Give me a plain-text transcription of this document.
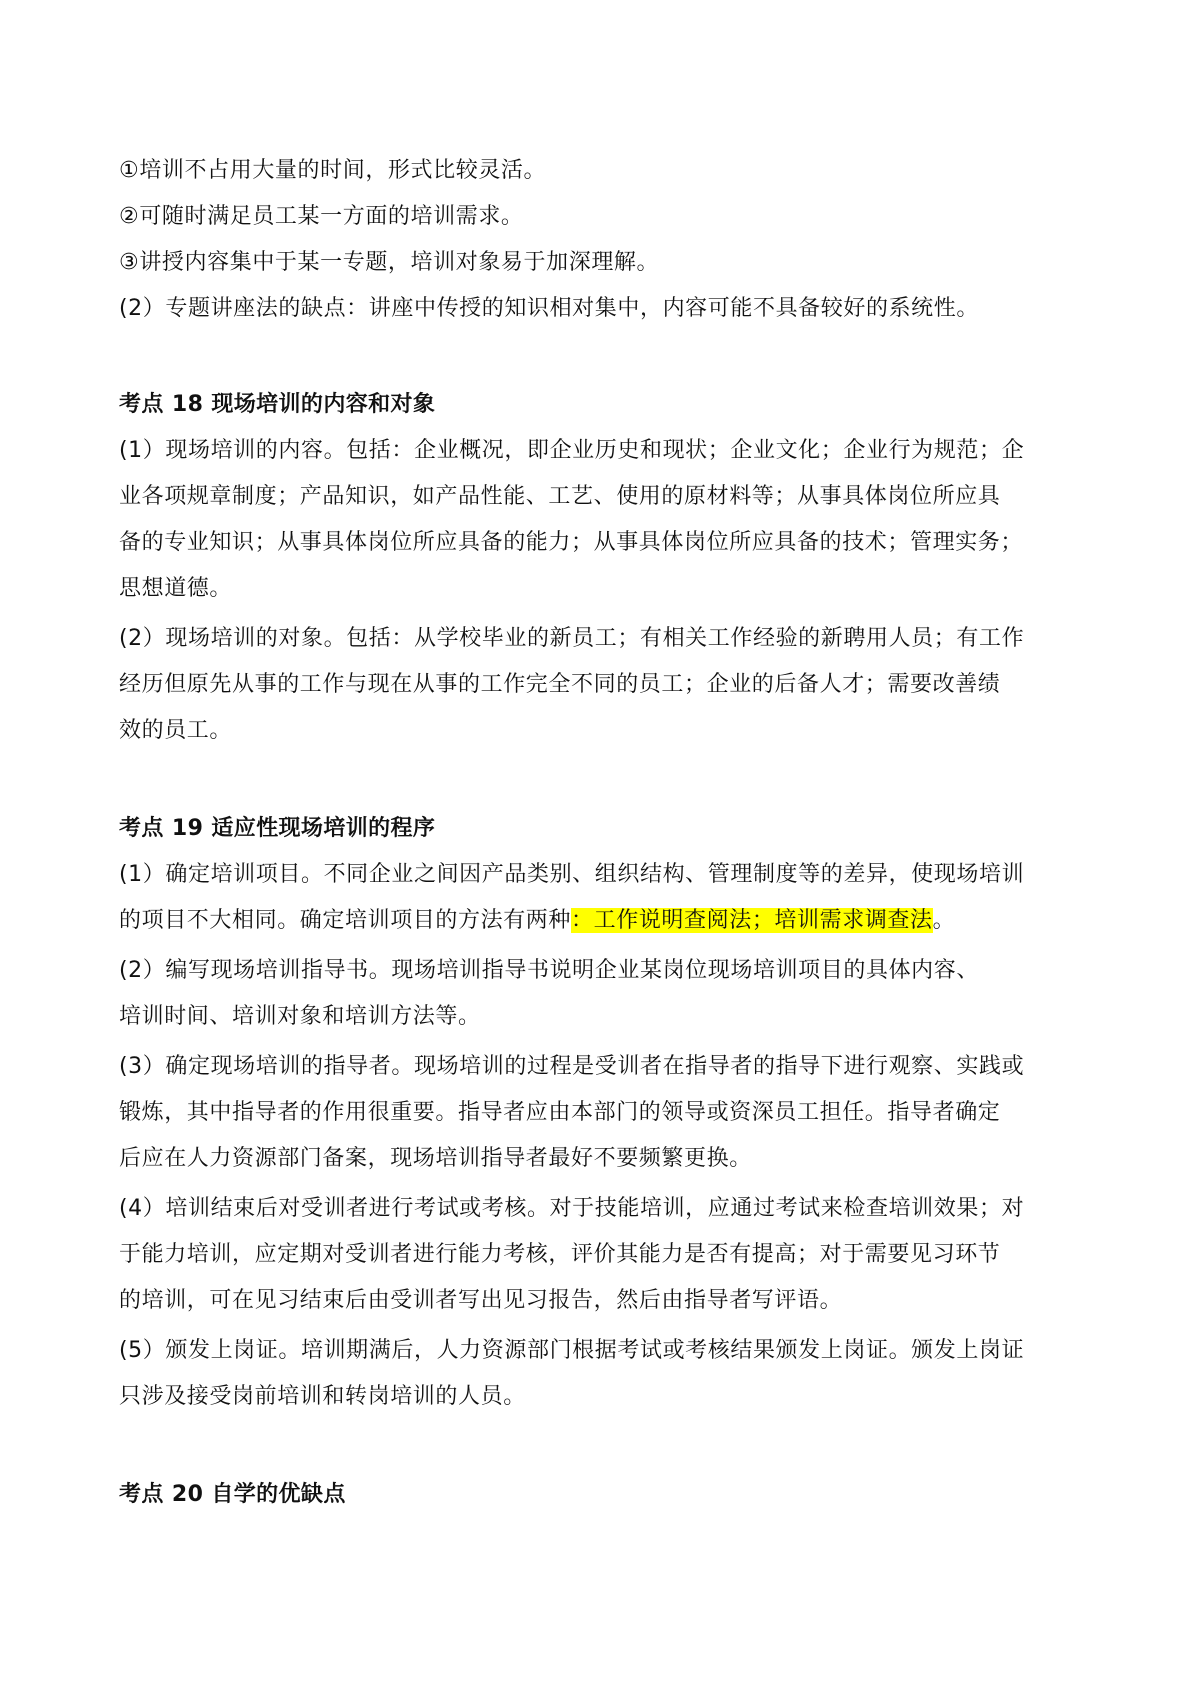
①培训不占用大量的时间，形式比较灵活。
②可随时满足员工某一方面的培训需求。
③讲授内容集中于某一专题，培训对象易于加深理解。
(2）专题讲座法的缺点：讲座中传授的知识相对集中，内容可能不具备较好的系统性。
考点 18 现场培训的内容和对象
(1）现场培训的内容。包括：企业概况，即企业历史和现状；企业文化；企业行为规范；企
业各项规章制度；产品知识，如产品性能、工艺、使用的原材料等；从事具体岗位所应具
备的专业知识；从事具体岗位所应具备的能力；从事具体岗位所应具备的技术；管理实务；
思想道德。
(2）现场培训的对象。包括：从学校毕业的新员工；有相关工作经验的新聘用人员；有工作
经历但原先从事的工作与现在从事的工作完全不同的员工；企业的后备人才；需要改善绩
效的员工。
考点 19 适应性现场培训的程序
(1）确定培训项目。不同企业之间因产品类别、组织结构、管理制度等的差异，使现场培训
的项目不大相同。确定培训项目的方法有两种：工作说明查阅法；培训需求调查法。
(2）编写现场培训指导书。现场培训指导书说明企业某岗位现场培训项目的具体内容、
培训时间、培训对象和培训方法等。
(3）确定现场培训的指导者。现场培训的过程是受训者在指导者的指导下进行观察、实践或
锻炼，其中指导者的作用很重要。指导者应由本部门的领导或资深员工担任。指导者确定
后应在人力资源部门备案，现场培训指导者最好不要频繁更换。
(4）培训结束后对受训者进行考试或考核。对于技能培训，应通过考试来检查培训效果；对
于能力培训，应定期对受训者进行能力考核，评价其能力是否有提高；对于需要见习环节
的培训，可在见习结束后由受训者写出见习报告，然后由指导者写评语。
(5）颁发上岗证。培训期满后，人力资源部门根据考试或考核结果颁发上岗证。颁发上岗证
只涉及接受岗前培训和转岗培训的人员。
考点 20 自学的优缺点
